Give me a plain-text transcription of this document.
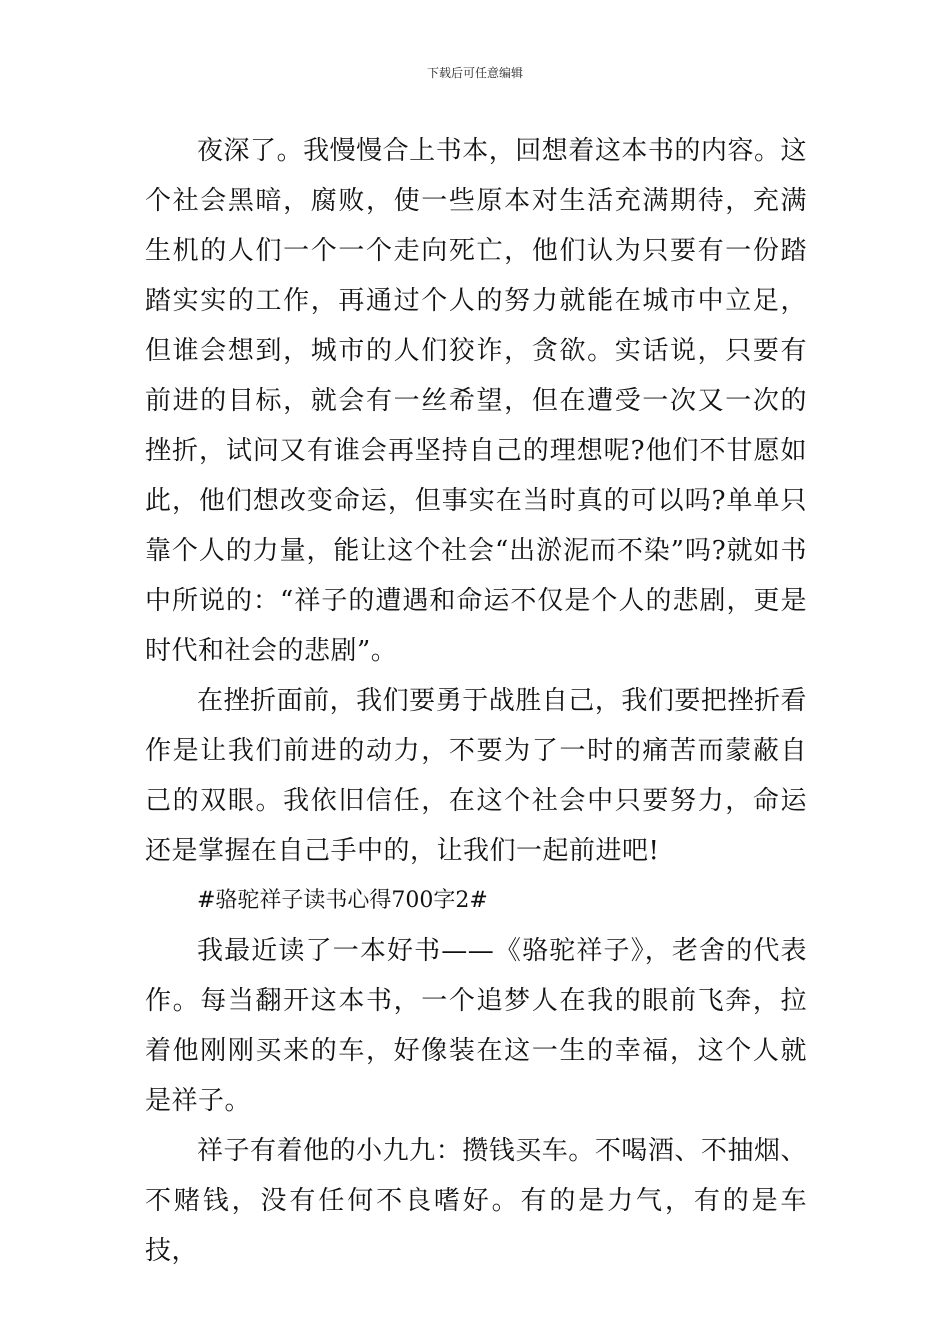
下载后可任意编辑

夜深了。我慢慢合上书本，回想着这本书的内容。这个社会黑暗，腐败，使一些原本对生活充满期待，充满生机的人们一个一个走向死亡，他们认为只要有一份踏踏实实的工作，再通过个人的努力就能在城市中立足，但谁会想到，城市的人们狡诈，贪欲。实话说，只要有前进的目标，就会有一丝希望，但在遭受一次又一次的挫折，试问又有谁会再坚持自己的理想呢?他们不甘愿如此，他们想改变命运，但事实在当时真的可以吗?单单只靠个人的力量，能让这个社会“出淤泥而不染”吗?就如书中所说的：“祥子的遭遇和命运不仅是个人的悲剧，更是时代和社会的悲剧”。

在挫折面前，我们要勇于战胜自己，我们要把挫折看作是让我们前进的动力，不要为了一时的痛苦而蒙蔽自己的双眼。我依旧信任，在这个社会中只要努力，命运还是掌握在自己手中的，让我们一起前进吧!

#骆驼祥子读书心得700字2#

我最近读了一本好书——《骆驼祥子》，老舍的代表作。每当翻开这本书，一个追梦人在我的眼前飞奔，拉着他刚刚买来的车，好像装在这一生的幸福，这个人就是祥子。

祥子有着他的小九九：攒钱买车。不喝酒、不抽烟、不赌钱，没有任何不良嗜好。有的是力气，有的是车技，
